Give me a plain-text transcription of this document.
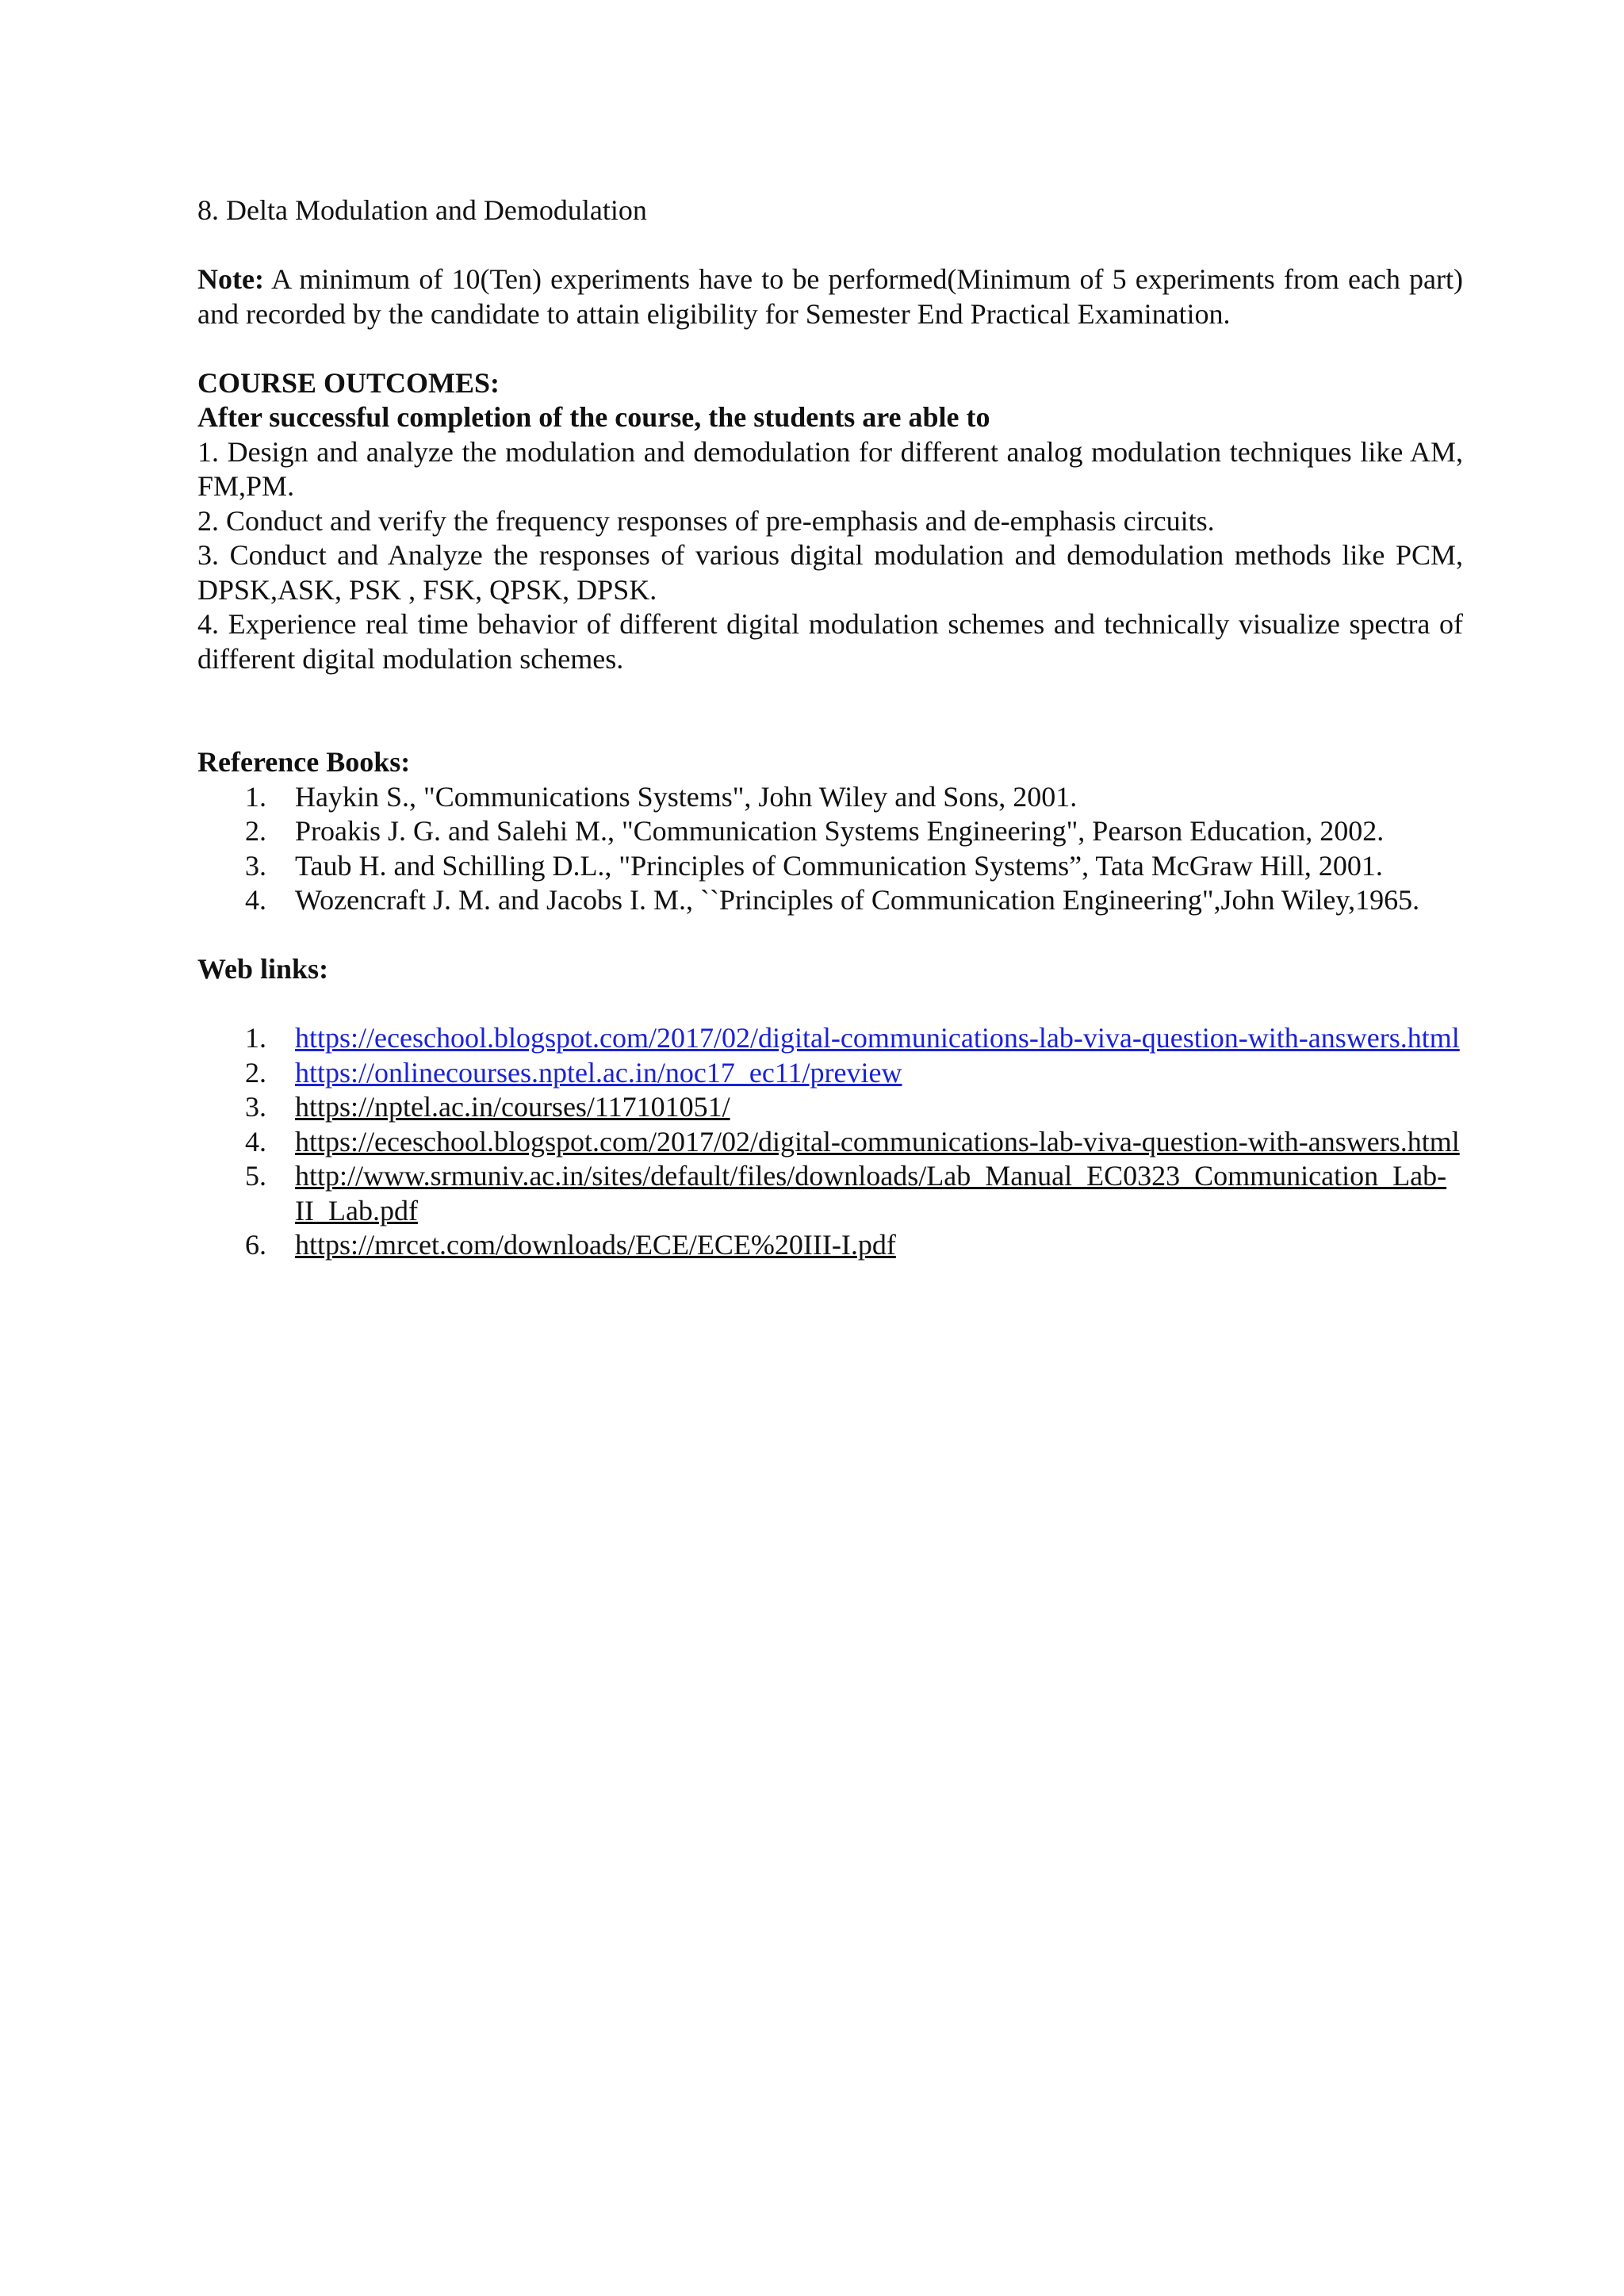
8. Delta Modulation and Demodulation

Note: A minimum of 10(Ten) experiments have to be performed(Minimum of 5 experiments from each part) and recorded by the candidate to attain eligibility for Semester End Practical Examination.

COURSE OUTCOMES:

After successful completion of the course, the students are able to

1. Design and analyze the modulation and demodulation for different analog modulation techniques like AM, FM,PM.

2. Conduct and verify the frequency responses of pre-emphasis and de-emphasis circuits.

3. Conduct and Analyze the responses of various digital modulation and demodulation methods like PCM, DPSK,ASK, PSK , FSK, QPSK, DPSK.

4. Experience real time behavior of different digital modulation schemes and technically visualize spectra of different digital modulation schemes.

Reference Books:

1. Haykin S., "Communications Systems", John Wiley and Sons, 2001.
2. Proakis J. G. and Salehi M., "Communication Systems Engineering", Pearson Education, 2002.
3. Taub H. and Schilling D.L., "Principles of Communication Systems”, Tata McGraw Hill, 2001.
4. Wozencraft J. M. and Jacobs I. M., ``Principles of Communication Engineering",John Wiley,1965.

Web links:

1. https://eceschool.blogspot.com/2017/02/digital-communications-lab-viva-question-with-answers.html
2. https://onlinecourses.nptel.ac.in/noc17_ec11/preview
3. https://nptel.ac.in/courses/117101051/
4. https://eceschool.blogspot.com/2017/02/digital-communications-lab-viva-question-with-answers.html
5. http://www.srmuniv.ac.in/sites/default/files/downloads/Lab_Manual_EC0323_Communication_Lab-II_Lab.pdf
6. https://mrcet.com/downloads/ECE/ECE%20III-I.pdf
